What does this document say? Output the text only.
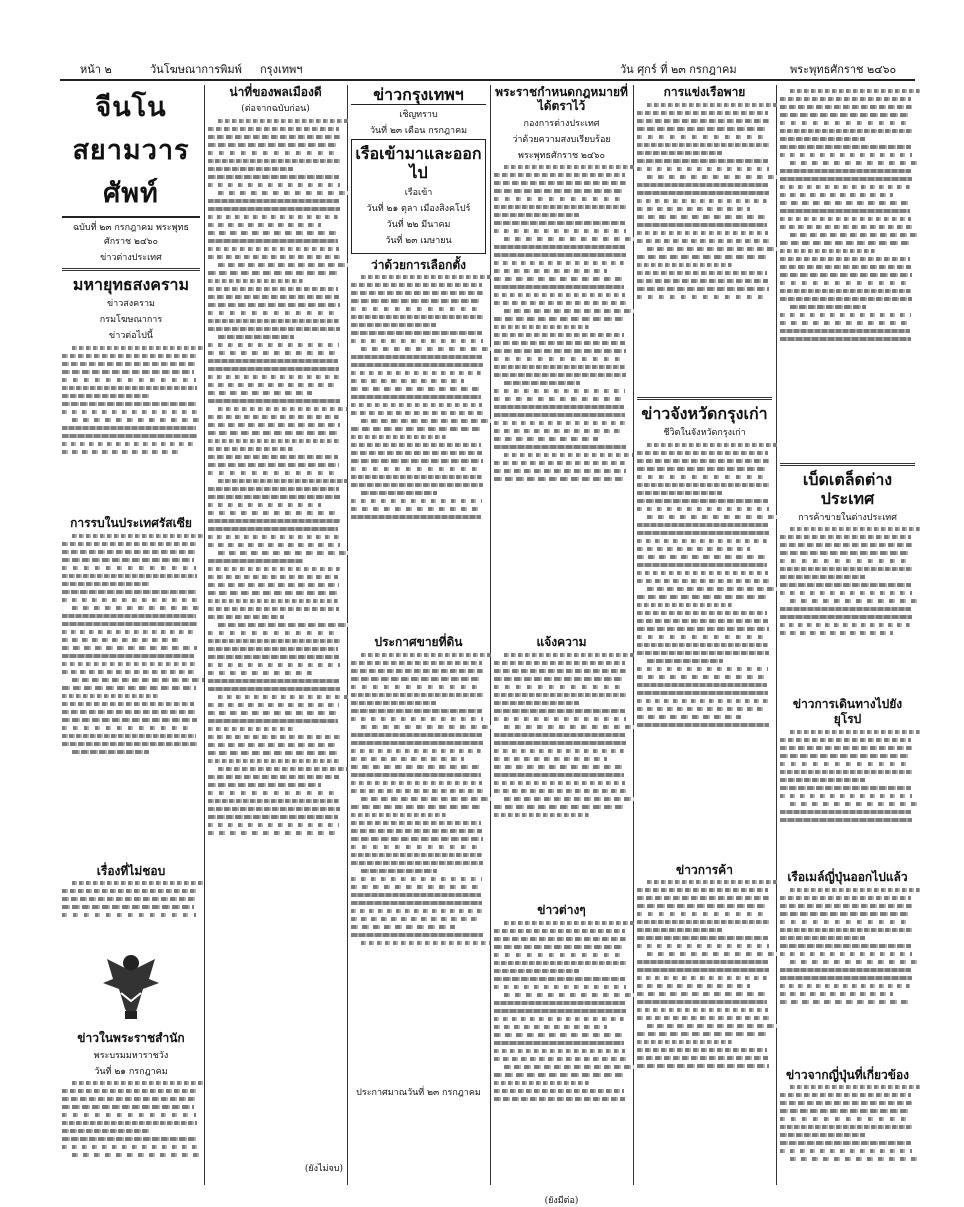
หน้า ๒	วันโฆษณาการพิมพ์ กรุงเทพฯ	วัน ศุกร์ ที่ ๒๓ กรกฎาคม	พระพุทธศักราช ๒๔๖๐
จีนโนสยามวารศัพท์
ฉบับที่ ๒๓ กรกฎาคม พระพุทธศักราช ๒๔๖๐
ข่าวต่างประเทศ
มหายุทธสงคราม
ข่าวสงคราม
กรมโฆษณาการ
ข่าวต่อไปนี้
การรบในประเทศรัสเซีย
เรื่องที่ไม่ชอบ
ข่าวในพระราชสำนัก
พระบรมมหาราชวัง
วันที่ ๒๑ กรกฎาคม
น่าที่ของพลเมืองดี
(ต่อจากฉบับก่อน)
(ยังไม่จบ)
ข่าวกรุงเทพฯ
เชิญทราบ
วันที่ ๒๓ เดือน กรกฎาคม
เรือเข้ามาและออกไป
เรือเข้า
วันที่ ๒๑ ตุลา เมืองสิงคโปร์
วันที่ ๒๒ มีนาคม
วันที่ ๒๓ เมษายน
ว่าด้วยการเลือกตั้ง
ประกาศขายที่ดิน
ประกาศมาณวันที่ ๒๓ กรกฎาคม
พระราชกำหนดกฎหมายที่ได้ตราไว้
กองการต่างประเทศ
ว่าด้วยความสงบเรียบร้อย
พระพุทธศักราช ๒๔๖๐
แจ้งความ
ข่าวต่างๆ
(ยังมีต่อ)
การแข่งเรือพาย
ข่าวจังหวัดกรุงเก่า
ชีวิตในจังหวัดกรุงเก่า
ข่าวการค้า
เบ็ดเตล็ดต่างประเทศ
การค้าขายในต่างประเทศ
ข่าวการเดินทางไปยังยุโรป
เรือเมล์ญี่ปุ่นออกไปแล้ว
ข่าวจากญี่ปุ่นที่เกี่ยวข้อง
